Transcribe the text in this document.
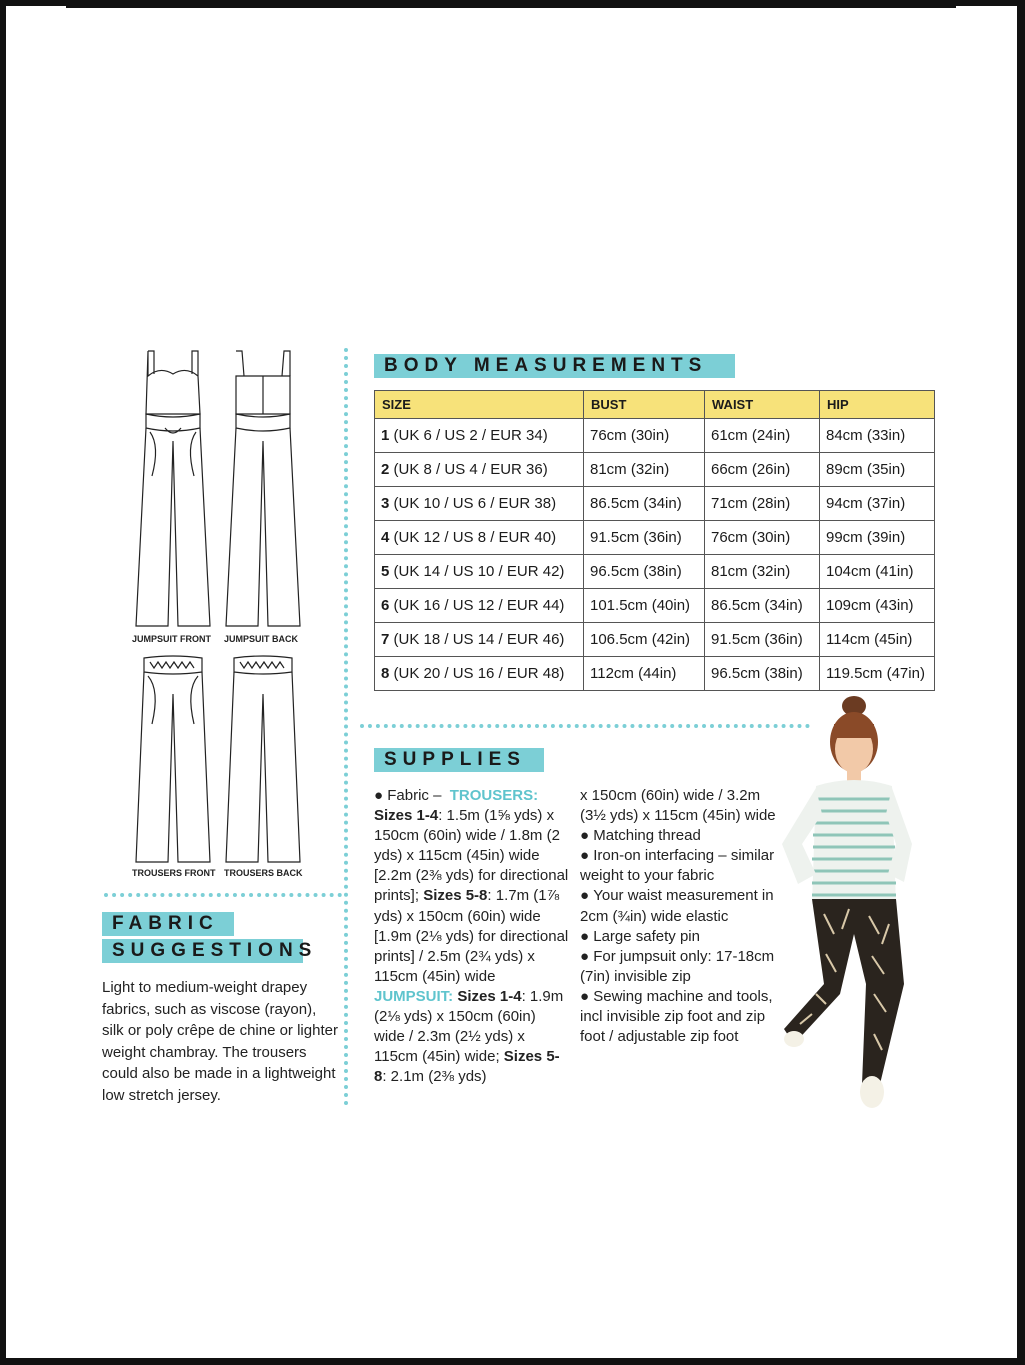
JUMPSUIT FRONT JUMPSUIT BACK
TROUSERS FRONT TROUSERS BACK
BODY MEASUREMENTS
SIZE	BUST	WAIST	HIP
1 (UK 6 / US 2 / EUR 34)	76cm (30in)	61cm (24in)	84cm (33in)
2 (UK 8 / US 4 / EUR 36)	81cm (32in)	66cm (26in)	89cm (35in)
3 (UK 10 / US 6 / EUR 38)	86.5cm (34in)	71cm (28in)	94cm (37in)
4 (UK 12 / US 8 / EUR 40)	91.5cm (36in)	76cm (30in)	99cm (39in)
5 (UK 14 / US 10 / EUR 42)	96.5cm (38in)	81cm (32in)	104cm (41in)
6 (UK 16 / US 12 / EUR 44)	101.5cm (40in)	86.5cm (34in)	109cm (43in)
7 (UK 18 / US 14 / EUR 46)	106.5cm (42in)	91.5cm (36in)	114cm (45in)
8 (UK 20 / US 16 / EUR 48)	112cm (44in)	96.5cm (38in)	119.5cm (47in)
FABRIC
SUGGESTIONS
Light to medium-weight drapey fabrics, such as viscose (rayon), silk or poly crêpe de chine or lighter weight chambray. The trousers could also be made in a lightweight low stretch jersey.
SUPPLIES
● Fabric –  TROUSERS: Sizes 1-4: 1.5m (1⅝ yds) x 150cm (60in) wide / 1.8m (2 yds) x 115cm (45in) wide [2.2m (2⅜ yds) for directional prints]; Sizes 5-8: 1.7m (1⅞ yds) x 150cm (60in) wide [1.9m (2⅛ yds) for directional prints] / 2.5m (2¾ yds) x 115cm (45in) wide JUMPSUIT: Sizes 1-4: 1.9m (2⅛ yds) x 150cm (60in) wide / 2.3m (2½ yds) x 115cm (45in) wide; Sizes 5-8: 2.1m (2⅜ yds)
x 150cm (60in) wide / 3.2m (3½ yds) x 115cm (45in) wide
● Matching thread
● Iron-on interfacing – similar weight to your fabric
● Your waist measurement in 2cm (¾in) wide elastic
● Large safety pin
● For jumpsuit only: 17-18cm (7in) invisible zip
● Sewing machine and tools, incl invisible zip foot and zip foot / adjustable zip foot
